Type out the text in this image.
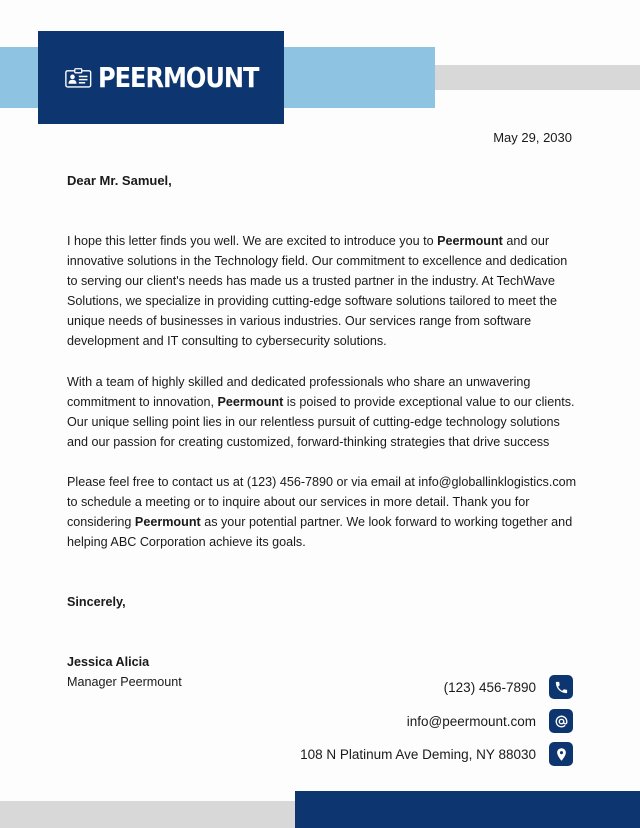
PEERMOUNT
May 29, 2030
Dear Mr. Samuel,

I hope this letter finds you well. We are excited to introduce you to Peermount and our innovative solutions in the Technology field. Our commitment to excellence and dedication to serving our client's needs has made us a trusted partner in the industry. At TechWave Solutions, we specialize in providing cutting-edge software solutions tailored to meet the unique needs of businesses in various industries. Our services range from software development and IT consulting to cybersecurity solutions.

With a team of highly skilled and dedicated professionals who share an unwavering commitment to innovation, Peermount is poised to provide exceptional value to our clients. Our unique selling point lies in our relentless pursuit of cutting-edge technology solutions and our passion for creating customized, forward-thinking strategies that drive success

Please feel free to contact us at (123) 456-7890 or via email at info@globallinklogistics.com to schedule a meeting or to inquire about our services in more detail. Thank you for considering Peermount as your potential partner. We look forward to working together and helping ABC Corporation achieve its goals.

Sincerely,
Jessica Alicia
Manager Peermount	(123) 456-7890
info@peermount.com
108 N Platinum Ave Deming, NY 88030
